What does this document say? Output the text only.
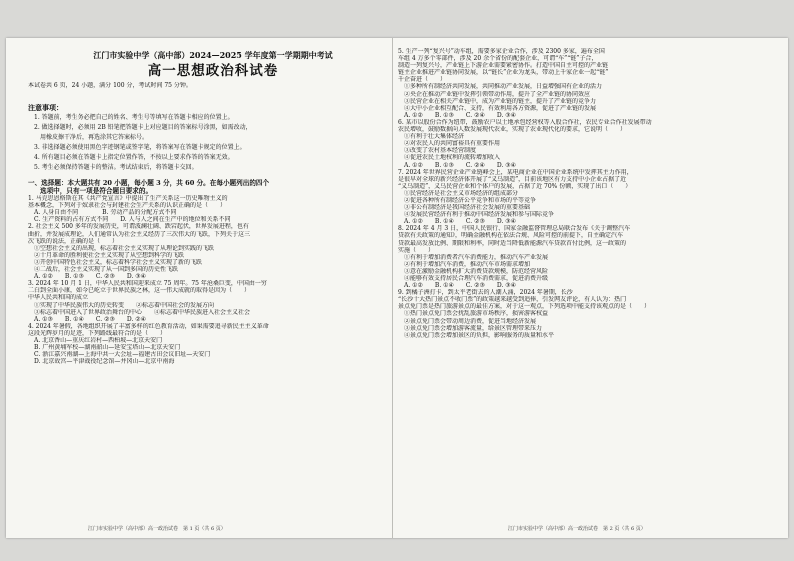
江门市实验中学（高中部）2024—2025 学年度第一学期期中考试
高一思想政治科试卷
本试卷共 6 页，24 小题，满分 100 分，考试时间 75 分钟。
注意事项：
1. 答题前，考生务必把自己的姓名、考生号等填写在答题卡相应的位置上。
2. 做选择题时，必须用 2B 铅笔把答题卡上对应题目的答案标号涂黑，如需改动，
用橡皮擦干净后，再选涂其它答案标号。
3. 非选择题必须使用黑色字迹钢笔或签字笔，将答案写在答题卡规定的位置上。
4. 所有题目必须在答题卡上指定位置作答，不按以上要求作答的答案无效。
5. 考生必须保持答题卡的整洁。考试结束后，将答题卡交回。
一、选择题：本大题共有 20 小题，每小题 3 分，共 60 分。在每小题列出的四个
选项中，只有一项是符合题目要求的。
1. 马克思恩格斯在其《共产党宣言》中提出了生产关系这一历史唯物主义的
基本概念，下列对于奴隶社会与封建社会生产关系的认识正确的是（　　）
A. 人身自由不同　　　　B. 劳动产品的分配方式不同
C. 生产资料的占有方式不同　　D. 人与人之间在生产中的地位和关系不同
2. 社会主义 500 多年的发展历史，可谓波澜壮阔、跌宕起伏，世界发展进程，也有
曲折，并发展成理论，人们通常认为社会主义经历了三次伟大的飞跃，下列关于这三
次飞跃的说法，正确的是（　　）
①空想社会主义的出现，标志着社会主义实现了从理论到实践的飞跃
②十月革命的胜利使社会主义实现了从空想到科学的飞跃
③开创中国特色社会主义，标志着科学社会主义实现了新的飞跃
④二战后，社会主义实现了从一国到多国的历史性飞跃
A. ①②　　B. ①③　　C. ②③　　D. ③④
3. 2024 年 10 月 1 日，中华人民共和国迎来成立 75 周年。75 年沧桑巨变，中国由一穷
二白到全面小康，如今已屹立于世界民族之林，这一伟大成就的取得是因为（　　）
中华人民共和国的成立
①实现了中华民族伟大的历史转变　　②标志着中国社会的发展方向
③标志着中国进入了世界政治舞台的中心　　④标志着中华民族进入社会主义社会
A. ①③　　B. ①④　　C. ②③　　D. ②④
4. 2024 年暑假，各地组织开展了丰富多样的红色教育活动，如果需要追寻新民主主义革命
这段光辉岁月的足迹，下列路线最符合的是（　　）
A. 北京香山—重庆红岩村—西柏坡—北京天安门
B. 广州黄埔军校—湖南韶山—延安宝塔山—北京天安门
C. 浙江嘉兴南湖—上海中共一大会址—福建古田会议旧址—天安门
D. 北京故宫—平津战役纪念馆—井冈山—北京中南海
江门市实验中学（高中部）高一政治试卷　第 1 页（共 6 页）
5. 生产一列“复兴号”动车组，需要多家企业合作，涉及 2300 多家，遍布全国
车组 4 万多个零部件，涉及 20 余个省份的配套企业，可谓“车”“链”子合，
制造一列复兴号，产业链上下游企业需要紧密协作。打造中国自主可控的产业链
链主企业推进产业链协同发展，以“链长”企业为龙头，带动上千家企业一起“链”
千企奋进（　　）
①多种所有制经济共同发展，共同推动产业发展，日益增强国有企业的活力
②央企在推动产业链中发挥引领带动作用，提升了全产业链的协同效应
③民营企业在相关产业链中，成为产业链的链主，提升了产业链的竞争力
④大中小企业相互配合、支持，有效利用各方资源，促进了产业链的发展
A. ①②　　B. ①③　　C. ②④　　D. ③④
6. 某市以股份合作为纽带，鼓励农户以土地承包经营权等入股合作社，农民专业合作社发展带动
农民增收，鼓励数据向人数发展现代农业，实现了农业现代化的要求，它说明（　　）
①有利于壮大集体经济
②对农民人的共同富裕具有重要作用
③改变了农村基本经营制度
④促进农民土地权利的流转增加收入
A. ①②　　B. ①③　　C. ②④　　D. ③④
7. 2024 年世界民营企业产业链峰会上，某电商企业在中国企业系统中发挥其主力作用，
是很早对全球的新兴经济体开展了“义乌制造”，目前该地区有力支持中小企业占据了近
“义乌制造”，义乌民营企业和个体户的发展，占据了近 70% 份额，实现了出口（　　）
①民营经济是社会主义市场经济的组成部分
②促进各种所有制经济公平竞争和市场的平等竞争
③非公有制经济是我国经济社会发展的重要基础
④发展民营经济有利于推动中国经济发展和参与国际竞争
A. ①②　　B. ①④　　C. ②③　　D. ③④
8. 2024 年 4 月 3 日，中国人民银行、国家金融监督管理总局联合发布《关于调整汽车
贷款有关政策的通知》，明确金融机构在依法合规、风险可控的前提下，自主确定汽车
贷款最高发放比例、期限和利率，同时适当降低新能源汽车贷款首付比例，这一政策的
实施（　　）
①有利于增加消费者汽车消费能力，推动汽车产业发展
②有利于增加汽车消费，推动汽车市场需求增加
③意在激励金融机构扩大消费贷款规模，防范经营风险
④能够有效支持居民合理汽车消费需求，促进消费升级
A. ①②　　B. ①④　　C. ②③　　D. ③④
9. 到橘子洲打卡，到太平老街去的人潮人涌，2024 年暑期，长沙
“长沙十大热门景点不收门票”的政策越来越受到追捧，引发网友评论，有人认为：热门
景点免门票是热门旅游景点的最佳方案，对于这一观点，下列选项中能支持该观点的是（　　）
①热门景点免门票会扰乱旅游市场秩序，损害游客权益
②景点免门票会带动周边消费，促进当地经济发展
③景点免门票会增加游客流量，给景区管理带来压力
④景点免门票会增加景区的负担，影响服务的质量和水平
江门市实验中学（高中部）高一政治试卷　第 2 页（共 6 页）
